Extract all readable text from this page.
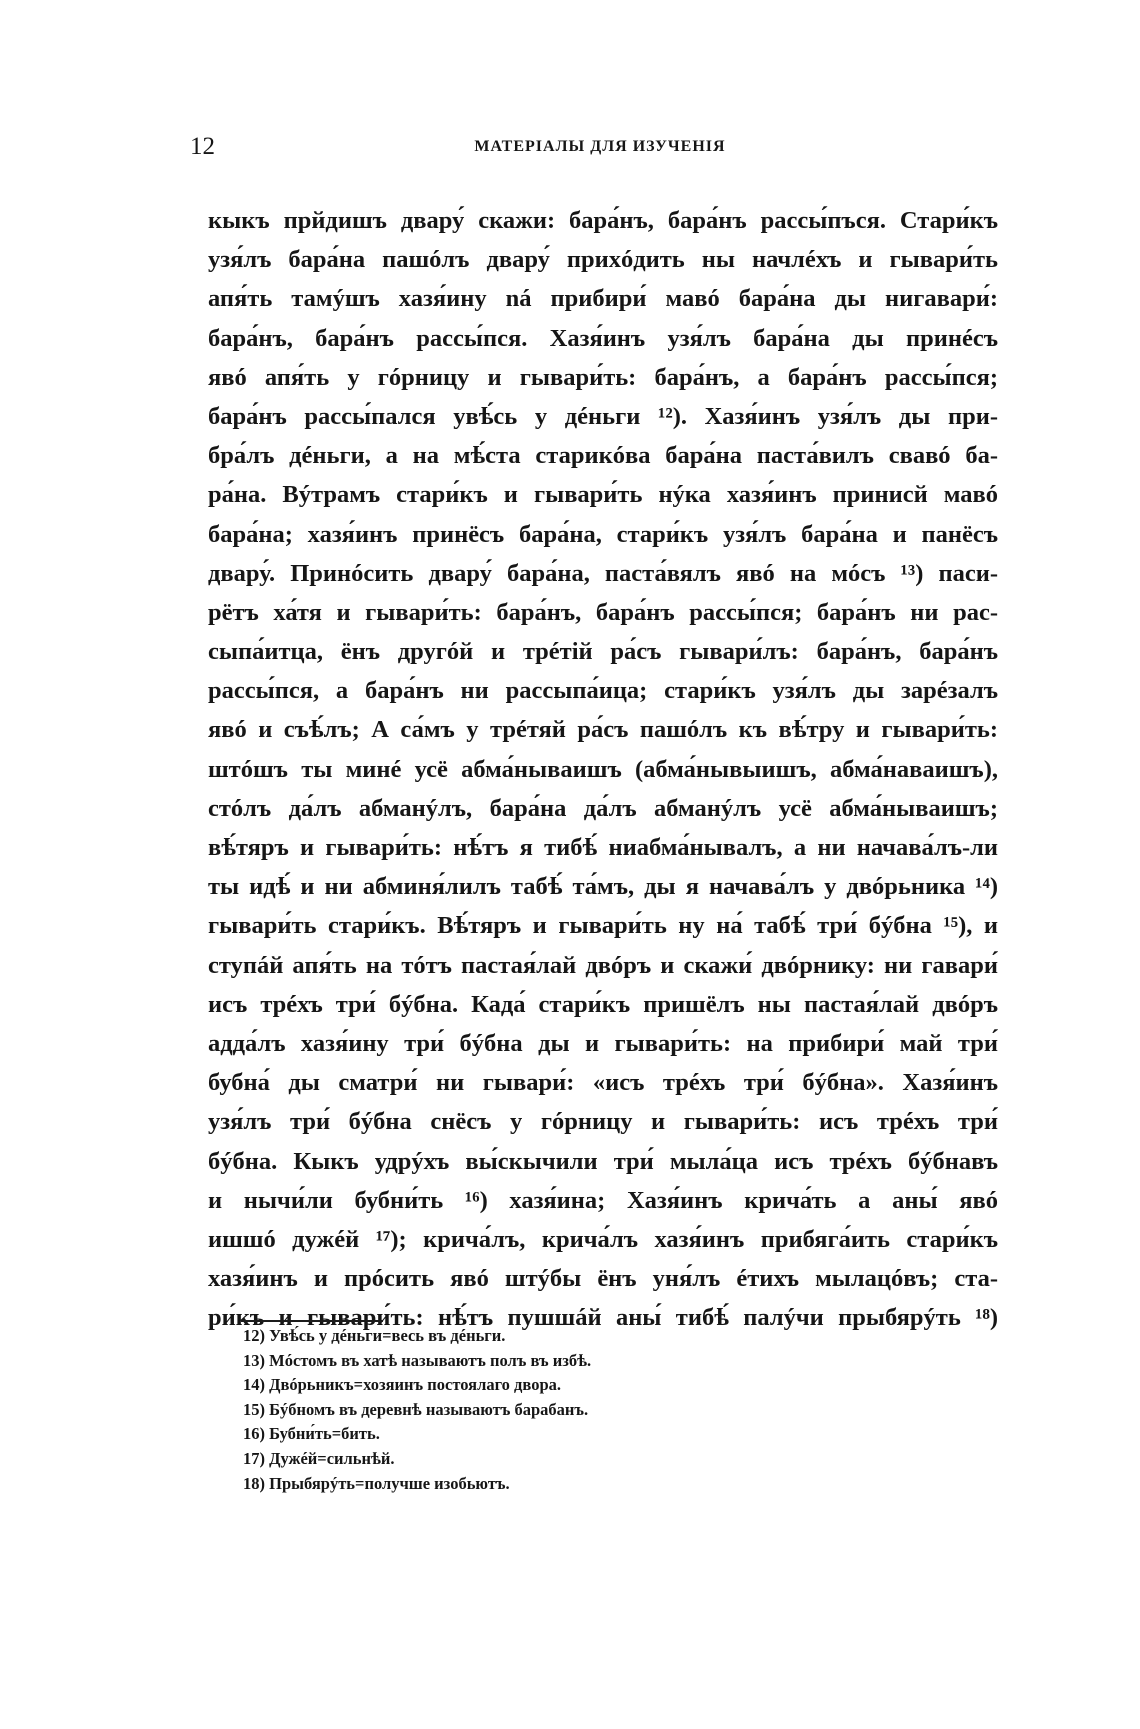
12	МАТЕРІАЛЫ ДЛЯ ИЗУЧЕНІЯ
кыкъ прйдишъ двару́ скажи: бара́нъ, бара́нъ рассы́пъся. Стари́къ
узя́лъ бара́на пашóлъ двару́ прихóдить ны начлéхъ и гывари́ть
апя́ть тамýшъ хазя́ину ná прибири́ мавó бара́на ды нигавари́:
бара́нъ, бара́нъ рассы́пся. Хазя́инъ узя́лъ бара́на ды принéсъ
явó апя́ть у гóрницу и гывари́ть: бара́нъ, а бара́нъ рассы́пся;
бара́нъ рассы́пался увѣ́сь у дéньги ¹²). Хазя́инъ узя́лъ ды при-
бра́лъ дéньги, а на мѣ́ста старикóва бара́на паста́вилъ свавó ба-
ра́на. Вýтрамъ стари́къ и гывари́ть нýка хазя́инъ принисй мавó
бара́на; хазя́инъ принёсъ бара́на, стари́къ узя́лъ бара́на и панёсъ
двару́. Принóсить двару́ бара́на, паста́вялъ явó на мóсъ ¹³) паси-
рётъ ха́тя и гывари́ть: бара́нъ, бара́нъ рассы́пся; бара́нъ ни рас-
сыпа́итца, ёнъ другóй и трéтій ра́съ гывари́лъ: бара́нъ, бара́нъ
рассы́пся, а бара́нъ ни рассыпа́ица; стари́къ узя́лъ ды зарéзалъ
явó и съѣ́лъ; А са́мъ у трéтяй ра́съ пашóлъ къ вѣ́тру и гывари́ть:
штóшъ ты минé усё абма́нываишъ (абма́нывыишъ, абма́наваишъ),
стóлъ да́лъ абманýлъ, бара́на да́лъ абманýлъ усё абма́нываишъ;
вѣ́тяръ и гывари́ть: нѣ́тъ я тибѣ́ ниабма́нывалъ, а ни начава́лъ-ли
ты идѣ́ и ни абминя́лилъ табѣ́ та́мъ, ды я начава́лъ у двóрьника ¹⁴)
гывари́ть стари́къ. Вѣ́тяръ и гывари́ть ну на́ табѣ́ три́ бýбна ¹⁵), и
ступáй апя́ть на тóтъ пастая́лай двóръ и скажи́ двóрнику: ни гавари́
исъ трéхъ три́ бýбна. Када́ стари́къ пришёлъ ны пастая́лай двóръ
адда́лъ хазя́ину три́ бýбна ды и гывари́ть: на прибири́ май три́
бубна́ ды сматри́ ни гывари́: «исъ трéхъ три́ бýбна». Хазя́инъ
узя́лъ три́ бýбна снёсъ у гóрницу и гывари́ть: исъ трéхъ три́
бýбна. Кыкъ удрýхъ вы́скычили три́ мыла́ца исъ трéхъ бýбнавъ
и нычи́ли бубни́ть ¹⁶) хазя́ина; Хазя́инъ крича́ть а аны́ явó
ишшó дужéй ¹⁷); крича́лъ, крича́лъ хазя́инъ прибяга́ить стари́къ
хазя́инъ и прóсить явó штýбы ёнъ уня́лъ éтихъ мылацóвъ; ста-
ри́къ и гывари́ть: нѣ́тъ пушшáй аны́ тибѣ́ палýчи прыбярýть ¹⁸)
12) Увѣ́сь у дéньги=весь въ дéньги.
13) Мóстомъ въ хатѣ называютъ полъ въ избѣ.
14) Двóрьникъ=хозяинъ постоялаго двора.
15) Бýбномъ въ деревнѣ называютъ барабанъ.
16) Бубни́ть=бить.
17) Дужéй=сильнѣй.
18) Прыбярýть=получше изобьютъ.
